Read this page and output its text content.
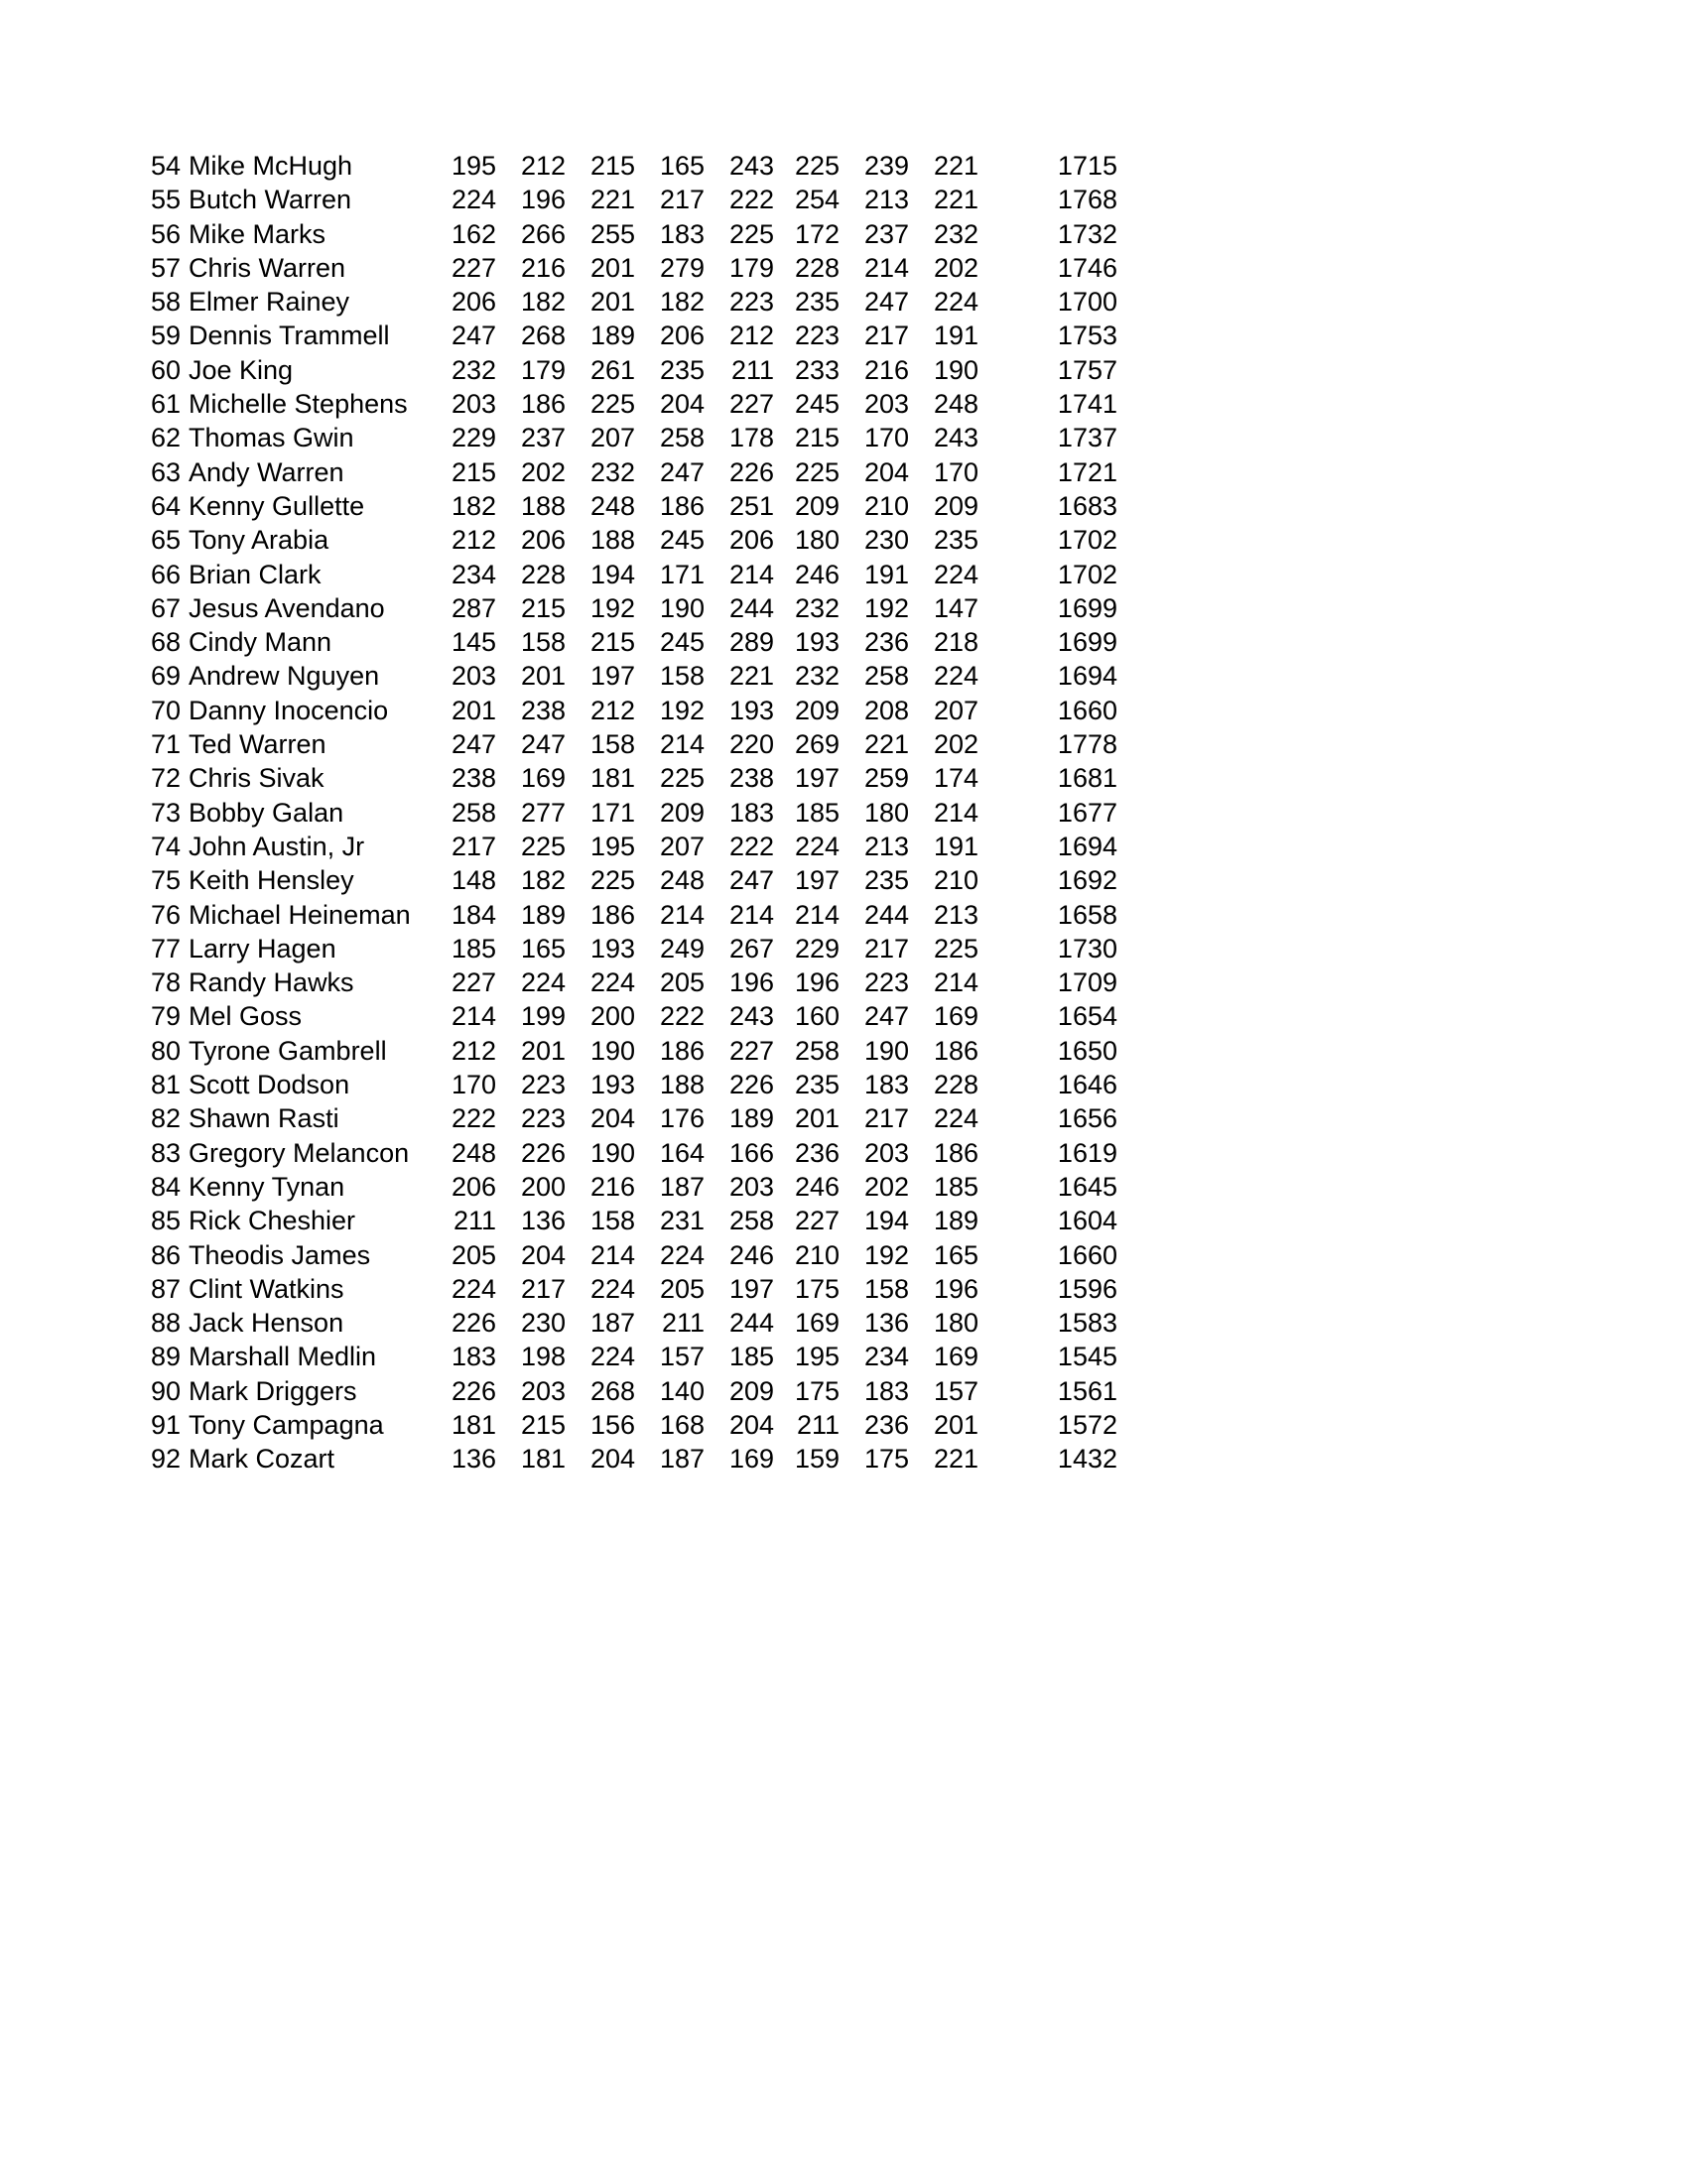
54 Mike McHugh	195 212 215 165 243 225 239 221	1715
55 Butch Warren	224 196 221 217 222 254 213 221	1768
56 Mike Marks	162 266 255 183 225 172 237 232	1732
57 Chris Warren	227 216 201 279 179 228 214 202	1746
58 Elmer Rainey	206 182 201 182 223 235 247 224	1700
59 Dennis Trammell	247 268 189 206 212 223 217 191	1753
60 Joe King	232 179 261 235 211 233 216 190	1757
61 Michelle Stephens	203 186 225 204 227 245 203 248	1741
62 Thomas Gwin	229 237 207 258 178 215 170 243	1737
63 Andy Warren	215 202 232 247 226 225 204 170	1721
64 Kenny Gullette	182 188 248 186 251 209 210 209	1683
65 Tony Arabia	212 206 188 245 206 180 230 235	1702
66 Brian Clark	234 228 194 171 214 246 191 224	1702
67 Jesus Avendano	287 215 192 190 244 232 192 147	1699
68 Cindy Mann	145 158 215 245 289 193 236 218	1699
69 Andrew Nguyen	203 201 197 158 221 232 258 224	1694
70 Danny Inocencio	201 238 212 192 193 209 208 207	1660
71 Ted Warren	247 247 158 214 220 269 221 202	1778
72 Chris Sivak	238 169 181 225 238 197 259 174	1681
73 Bobby Galan	258 277 171 209 183 185 180 214	1677
74 John Austin, Jr	217 225 195 207 222 224 213 191	1694
75 Keith Hensley	148 182 225 248 247 197 235 210	1692
76 Michael Heineman	184 189 186 214 214 214 244 213	1658
77 Larry Hagen	185 165 193 249 267 229 217 225	1730
78 Randy Hawks	227 224 224 205 196 196 223 214	1709
79 Mel Goss	214 199 200 222 243 160 247 169	1654
80 Tyrone Gambrell	212 201 190 186 227 258 190 186	1650
81 Scott Dodson	170 223 193 188 226 235 183 228	1646
82 Shawn Rasti	222 223 204 176 189 201 217 224	1656
83 Gregory Melancon	248 226 190 164 166 236 203 186	1619
84 Kenny Tynan	206 200 216 187 203 246 202 185	1645
85 Rick Cheshier	211 136 158 231 258 227 194 189	1604
86 Theodis James	205 204 214 224 246 210 192 165	1660
87 Clint Watkins	224 217 224 205 197 175 158 196	1596
88 Jack Henson	226 230 187 211 244 169 136 180	1583
89 Marshall Medlin	183 198 224 157 185 195 234 169	1545
90 Mark Driggers	226 203 268 140 209 175 183 157	1561
91 Tony Campagna	181 215 156 168 204 211 236 201	1572
92 Mark Cozart	136 181 204 187 169 159 175 221	1432
